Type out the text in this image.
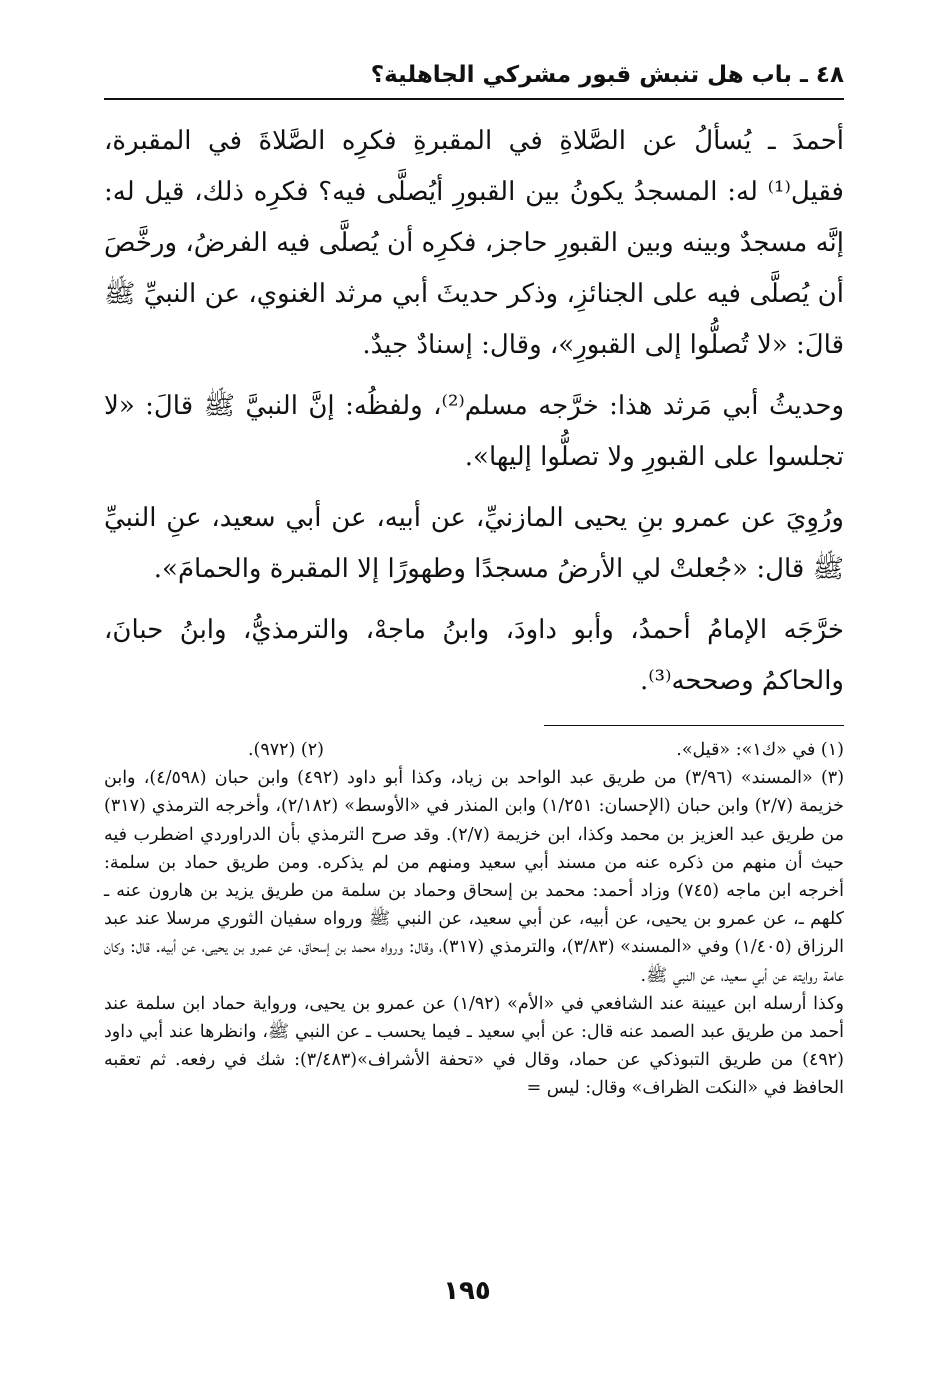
٤٨ ـ باب هل تنبش قبور مشركي الجاهلية؟

أحمدَ ـ يُسألُ عن الصَّلاةِ في المقبرةِ فكرِه الصَّلاةَ في المقبرة، فقيل⁽¹⁾ له: المسجدُ يكونُ بين القبورِ أيُصلَّى فيه؟ فكرِه ذلك، قيل له: إنَّه مسجدٌ وبينه وبين القبورِ حاجز، فكرِه أن يُصلَّى فيه الفرضُ، ورخَّصَ أن يُصلَّى فيه على الجنائزِ، وذكر حديثَ أبي مرثد الغنوي، عن النبيِّ ﷺ قالَ: «لا تُصلُّوا إلى القبورِ»، وقال: إسنادٌ جيدٌ.

وحديثُ أبي مَرثد هذا: خرَّجه مسلم⁽²⁾، ولفظُه: إنَّ النبيَّ ﷺ قالَ: «لا تجلسوا على القبورِ ولا تصلُّوا إليها».

ورُوِيَ عن عمرو بنِ يحيى المازنيِّ، عن أبيه، عن أبي سعيد، عنِ النبيِّ ﷺ قال: «جُعلتْ لي الأرضُ مسجدًا وطهورًا إلا المقبرة والحمامَ».

خرَّجَه الإمامُ أحمدُ، وأبو داودَ، وابنُ ماجهْ، والترمذيُّ، وابنُ حبانَ، والحاكمُ وصححه⁽³⁾.

(١) في «ك١»: «قيل».
(٢) (٩٧٢).

(٣) «المسند» (٣/٩٦) من طريق عبد الواحد بن زياد، وكذا أبو داود (٤٩٢) وابن حبان (٤/٥٩٨)، وابن خزيمة (٢/٧) وابن حبان (الإحسان: ١/٢٥١) وابن المنذر في «الأوسط» (٢/١٨٢)، وأخرجه الترمذي (٣١٧) من طريق عبد العزيز بن محمد وكذا، ابن خزيمة (٢/٧). وقد صرح الترمذي بأن الدراوردي اضطرب فيه حيث أن منهم من ذكره عنه من مسند أبي سعيد ومنهم من لم يذكره. ومن طريق حماد بن سلمة: أخرجه ابن ماجه (٧٤٥) وزاد أحمد: محمد بن إسحاق وحماد بن سلمة من طريق يزيد بن هارون عنه ـ كلهم ـ، عن عمرو بن يحيى، عن أبيه، عن أبي سعيد، عن النبي ﷺ ورواه سفيان الثوري مرسلا عند عبد الرزاق (١/٤٠٥) وفي «المسند» (٣/٨٣)، والترمذي (٣١٧)، وقال: ورواه محمد بن إسحاق، عن عمرو بن يحيى، عن أبيه. قال: وكان عامة روايته عن أبي سعيد، عن النبي ﷺ.

وكذا أرسله ابن عيينة عند الشافعي في «الأم» (١/٩٢) عن عمرو بن يحيى، ورواية حماد ابن سلمة عند أحمد من طريق عبد الصمد عنه قال: عن أبي سعيد ـ فيما يحسب ـ عن النبي ﷺ، وانظرها عند أبي داود (٤٩٢) من طريق التبوذكي عن حماد، وقال في «تحفة الأشراف»(٣/٤٨٣): شك في رفعه. ثم تعقبه الحافظ في «النكت الظراف» وقال: ليس =

١٩٥
